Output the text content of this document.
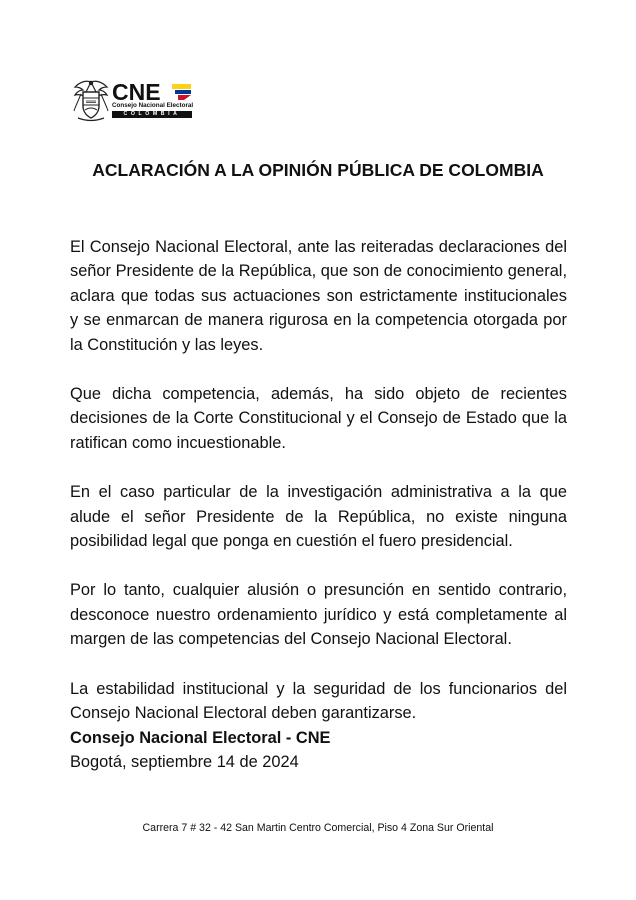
CNE
Consejo Nacional Electoral
COLOMBIA
ACLARACIÓN A LA OPINIÓN PÚBLICA DE COLOMBIA

El Consejo Nacional Electoral, ante las reiteradas declaraciones del señor Presidente de la República, que son de conocimiento general, aclara que todas sus actuaciones son estrictamente institucionales y se enmarcan de manera rigurosa en la competencia otorgada por la Constitución y las leyes.

Que dicha competencia, además, ha sido objeto de recientes decisiones de la Corte Constitucional y el Consejo de Estado que la ratifican como incuestionable.

En el caso particular de la investigación administrativa a la que alude el señor Presidente de la República, no existe ninguna posibilidad legal que ponga en cuestión el fuero presidencial.

Por lo tanto, cualquier alusión o presunción en sentido contrario, desconoce nuestro ordenamiento jurídico y está completamente al margen de las competencias del Consejo Nacional Electoral.

La estabilidad institucional y la seguridad de los funcionarios del Consejo Nacional Electoral deben garantizarse.

Consejo Nacional Electoral - CNE

Bogotá, septiembre 14 de 2024

Carrera 7 # 32 - 42 San Martin Centro Comercial, Piso 4 Zona Sur Oriental
